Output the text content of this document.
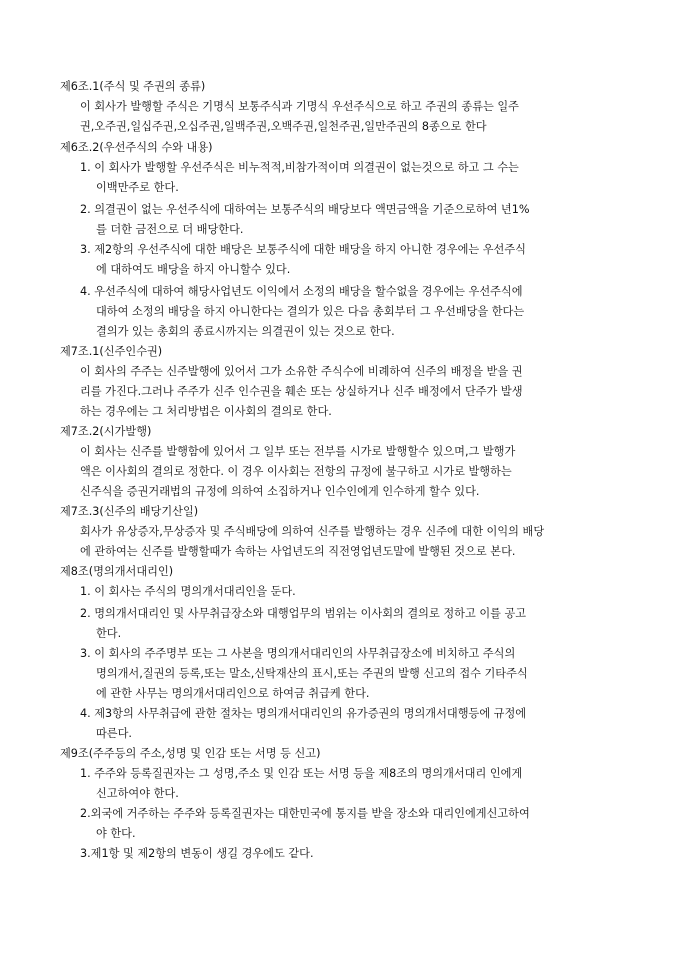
제6조.1(주식 및 주권의 종류)
이 회사가 발행할 주식은 기명식 보통주식과 기명식 우선주식으로 하고 주권의 종류는 일주
권,오주권,일십주권,오십주권,일백주권,오백주권,일천주권,일만주권의 8종으로 한다
제6조.2(우선주식의 수와 내용)
1. 이 회사가 발행할 우선주식은 비누적적,비참가적이며 의결권이 없는것으로 하고 그 수는
이백만주로 한다.
2. 의결권이 없는 우선주식에 대하여는 보통주식의 배당보다 액면금액을 기준으로하여 년1%
를 더한 금전으로 더 배당한다.
3. 제2항의 우선주식에 대한 배당은 보통주식에 대한 배당을 하지 아니한 경우에는 우선주식
에 대하여도 배당을 하지 아니할수 있다.
4. 우선주식에 대하여 해당사업년도 이익에서 소정의 배당을 할수없을 경우에는 우선주식에
대하여 소정의 배당을 하지 아니한다는 결의가 있은 다음 총회부터 그 우선배당을 한다는
결의가 있는 총회의 종료시까지는 의결권이 있는 것으로 한다.
제7조.1(신주인수권)
이 회사의 주주는 신주발행에 있어서 그가 소유한 주식수에 비례하여 신주의 배정을 받을 권
리를 가진다.그러나 주주가 신주 인수권을 훼손 또는 상실하거나 신주 배정에서 단주가 발생
하는 경우에는 그 처리방법은 이사회의 결의로 한다.
제7조.2(시가발행)
이 회사는 신주를 발행함에 있어서 그 일부 또는 전부를 시가로 발행할수 있으며,그 발행가
액은 이사회의 결의로 정한다. 이 경우 이사회는 전항의 규정에 불구하고 시가로 발행하는
신주식을 증권거래법의 규정에 의하여 소집하거나 인수인에게 인수하게 할수 있다.
제7조.3(신주의 배당기산일)
회사가 유상증자,무상증자 및 주식배당에 의하여 신주를 발행하는 경우 신주에 대한 이익의 배당
에 관하여는 신주를 발행할때가 속하는 사업년도의 직전영업년도말에 발행된 것으로 본다.
제8조(명의개서대리인)
1. 이 회사는 주식의 명의개서대리인을 둔다.
2. 명의개서대리인 및 사무취급장소와 대행업무의 범위는 이사회의 결의로 정하고 이를 공고
한다.
3. 이 회사의 주주명부 또는 그 사본을 명의개서대리인의 사무취급장소에 비치하고 주식의
명의개서,질권의 등록,또는 말소,신탁재산의 표시,또는 주권의 발행 신고의 접수 기타주식
에 관한 사무는 명의개서대리인으로 하여금 취급케 한다.
4. 제3항의 사무취급에 관한 절차는 명의개서대리인의 유가증권의 명의개서대행등에 규정에
따른다.
제9조(주주등의 주소,성명 및 인감 또는 서명 등 신고)
1. 주주와 등록질권자는 그 성명,주소 및 인감 또는 서명 등을 제8조의 명의개서대리 인에게
신고하여야 한다.
2.외국에 거주하는 주주와 등록질권자는 대한민국에 통지를 받을 장소와 대리인에게신고하여
야 한다.
3.제1항 및 제2항의 변동이 생길 경우에도 같다.
